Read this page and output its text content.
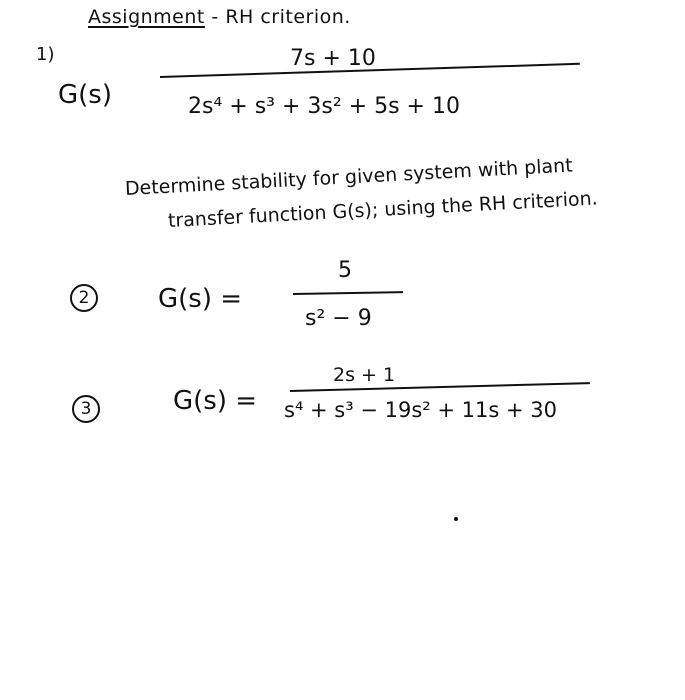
Assignment - RH criterion.
1)
G(s)
7s + 10
2s⁴ + s³ + 3s² + 5s + 10
Determine stability for given system with plant
transfer function G(s); using the RH criterion.
2	G(s) =
5
s² − 9
3	G(s) =
2s + 1
s⁴ + s³ − 19s² + 11s + 30
